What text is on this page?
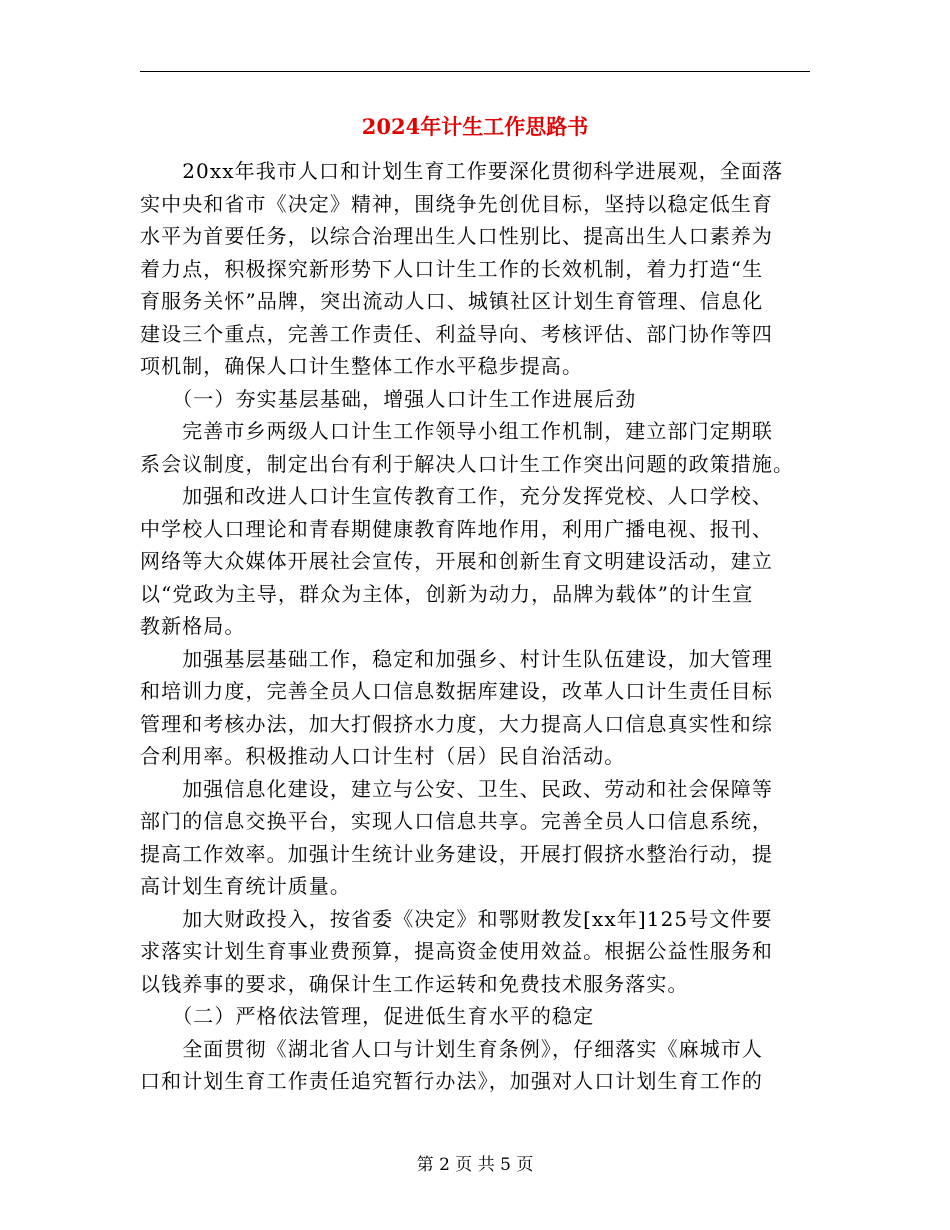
2024年计生工作思路书
　　20xx年我市人口和计划生育工作要深化贯彻科学进展观，全面落
实中央和省市《决定》精神，围绕争先创优目标，坚持以稳定低生育
水平为首要任务，以综合治理出生人口性别比、提高出生人口素养为
着力点，积极探究新形势下人口计生工作的长效机制，着力打造“生
育服务关怀”品牌，突出流动人口、城镇社区计划生育管理、信息化
建设三个重点，完善工作责任、利益导向、考核评估、部门协作等四
项机制，确保人口计生整体工作水平稳步提高。
　　（一）夯实基层基础，增强人口计生工作进展后劲
　　完善市乡两级人口计生工作领导小组工作机制，建立部门定期联
系会议制度，制定出台有利于解决人口计生工作突出问题的政策措施。
　　加强和改进人口计生宣传教育工作，充分发挥党校、人口学校、
中学校人口理论和青春期健康教育阵地作用，利用广播电视、报刊、
网络等大众媒体开展社会宣传，开展和创新生育文明建设活动，建立
以“党政为主导，群众为主体，创新为动力，品牌为载体”的计生宣
教新格局。
　　加强基层基础工作，稳定和加强乡、村计生队伍建设，加大管理
和培训力度，完善全员人口信息数据库建设，改革人口计生责任目标
管理和考核办法，加大打假挤水力度，大力提高人口信息真实性和综
合利用率。积极推动人口计生村（居）民自治活动。
　　加强信息化建设，建立与公安、卫生、民政、劳动和社会保障等
部门的信息交换平台，实现人口信息共享。完善全员人口信息系统，
提高工作效率。加强计生统计业务建设，开展打假挤水整治行动，提
高计划生育统计质量。
　　加大财政投入，按省委《决定》和鄂财教发[xx年]125号文件要
求落实计划生育事业费预算，提高资金使用效益。根据公益性服务和
以钱养事的要求，确保计生工作运转和免费技术服务落实。
　　（二）严格依法管理，促进低生育水平的稳定
　　全面贯彻《湖北省人口与计划生育条例》，仔细落实《麻城市人
口和计划生育工作责任追究暂行办法》，加强对人口计划生育工作的
第 2 页 共 5 页
